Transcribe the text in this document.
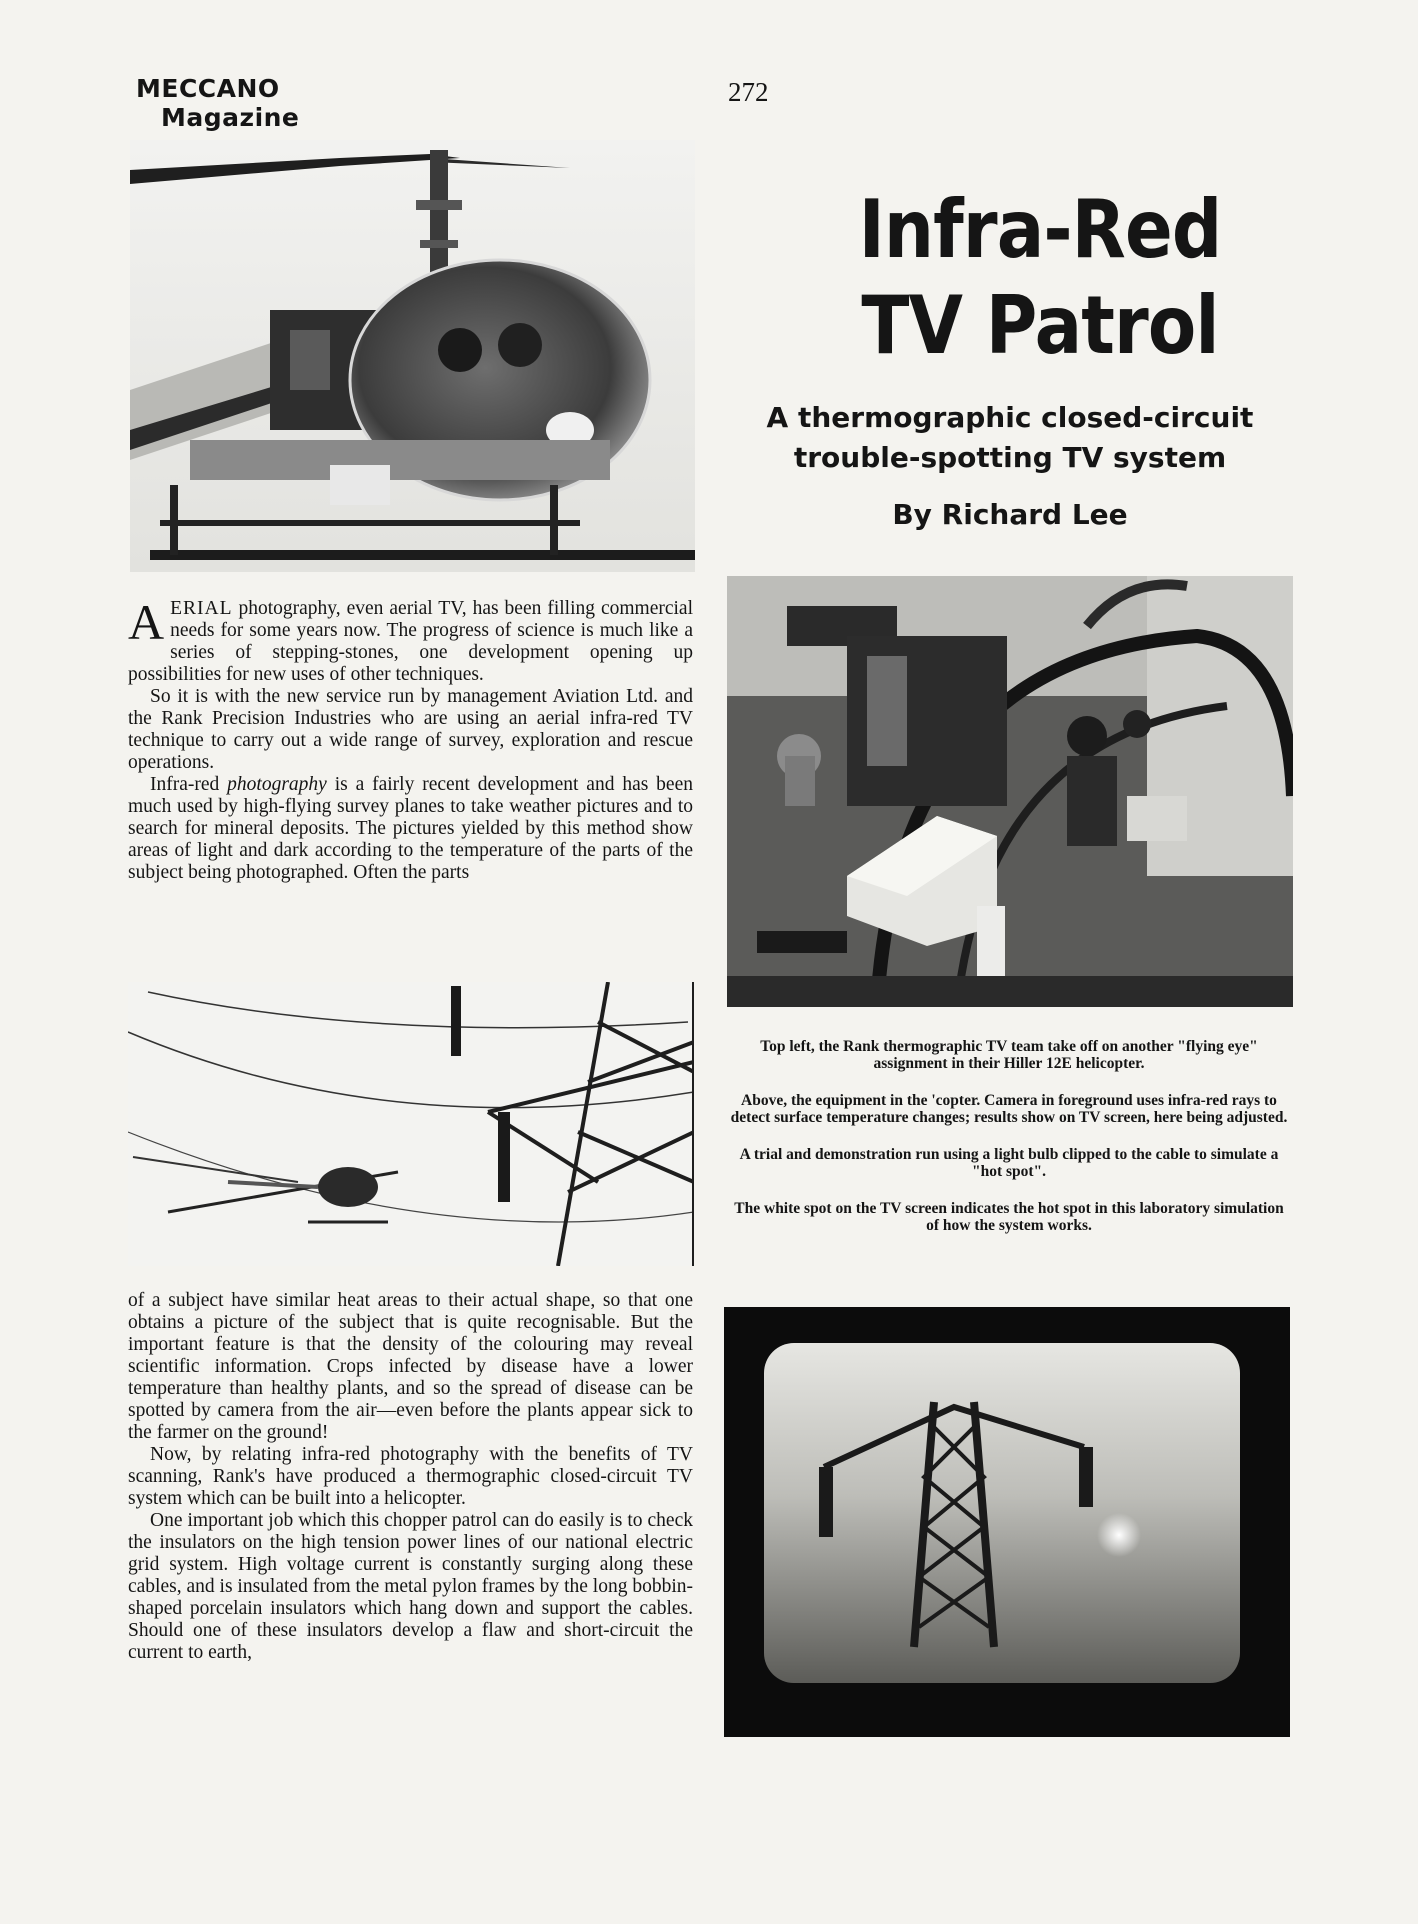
MECCANO
Magazine
272
Infra-Red
TV Patrol
A thermographic closed-circuit
trouble-spotting TV system
By Richard Lee

AERIAL photography, even aerial TV, has been filling commercial needs for some years now. The progress of science is much like a series of stepping-stones, one development opening up possibilities for new uses of other techniques.

So it is with the new service run by management Aviation Ltd. and the Rank Precision Industries who are using an aerial infra-red TV technique to carry out a wide range of survey, exploration and rescue operations.

Infra-red photography is a fairly recent development and has been much used by high-flying survey planes to take weather pictures and to search for mineral deposits. The pictures yielded by this method show areas of light and dark according to the temperature of the parts of the subject being photographed. Often the parts

of a subject have similar heat areas to their actual shape, so that one obtains a picture of the subject that is quite recognisable. But the important feature is that the density of the colouring may reveal scientific information. Crops infected by disease have a lower temperature than healthy plants, and so the spread of disease can be spotted by camera from the air—even before the plants appear sick to the farmer on the ground!

Now, by relating infra-red photography with the benefits of TV scanning, Rank's have produced a thermographic closed-circuit TV system which can be built into a helicopter.

One important job which this chopper patrol can do easily is to check the insulators on the high tension power lines of our national electric grid system. High voltage current is constantly surging along these cables, and is insulated from the metal pylon frames by the long bobbin-shaped porcelain insulators which hang down and support the cables. Should one of these insulators develop a flaw and short-circuit the current to earth,

Top left, the Rank thermographic TV team take off on another "flying eye" assignment in their Hiller 12E helicopter.

Above, the equipment in the 'copter. Camera in foreground uses infra-red rays to detect surface temperature changes; results show on TV screen, here being adjusted.

A trial and demonstration run using a light bulb clipped to the cable to simulate a "hot spot".

The white spot on the TV screen indicates the hot spot in this laboratory simulation of how the system works.
